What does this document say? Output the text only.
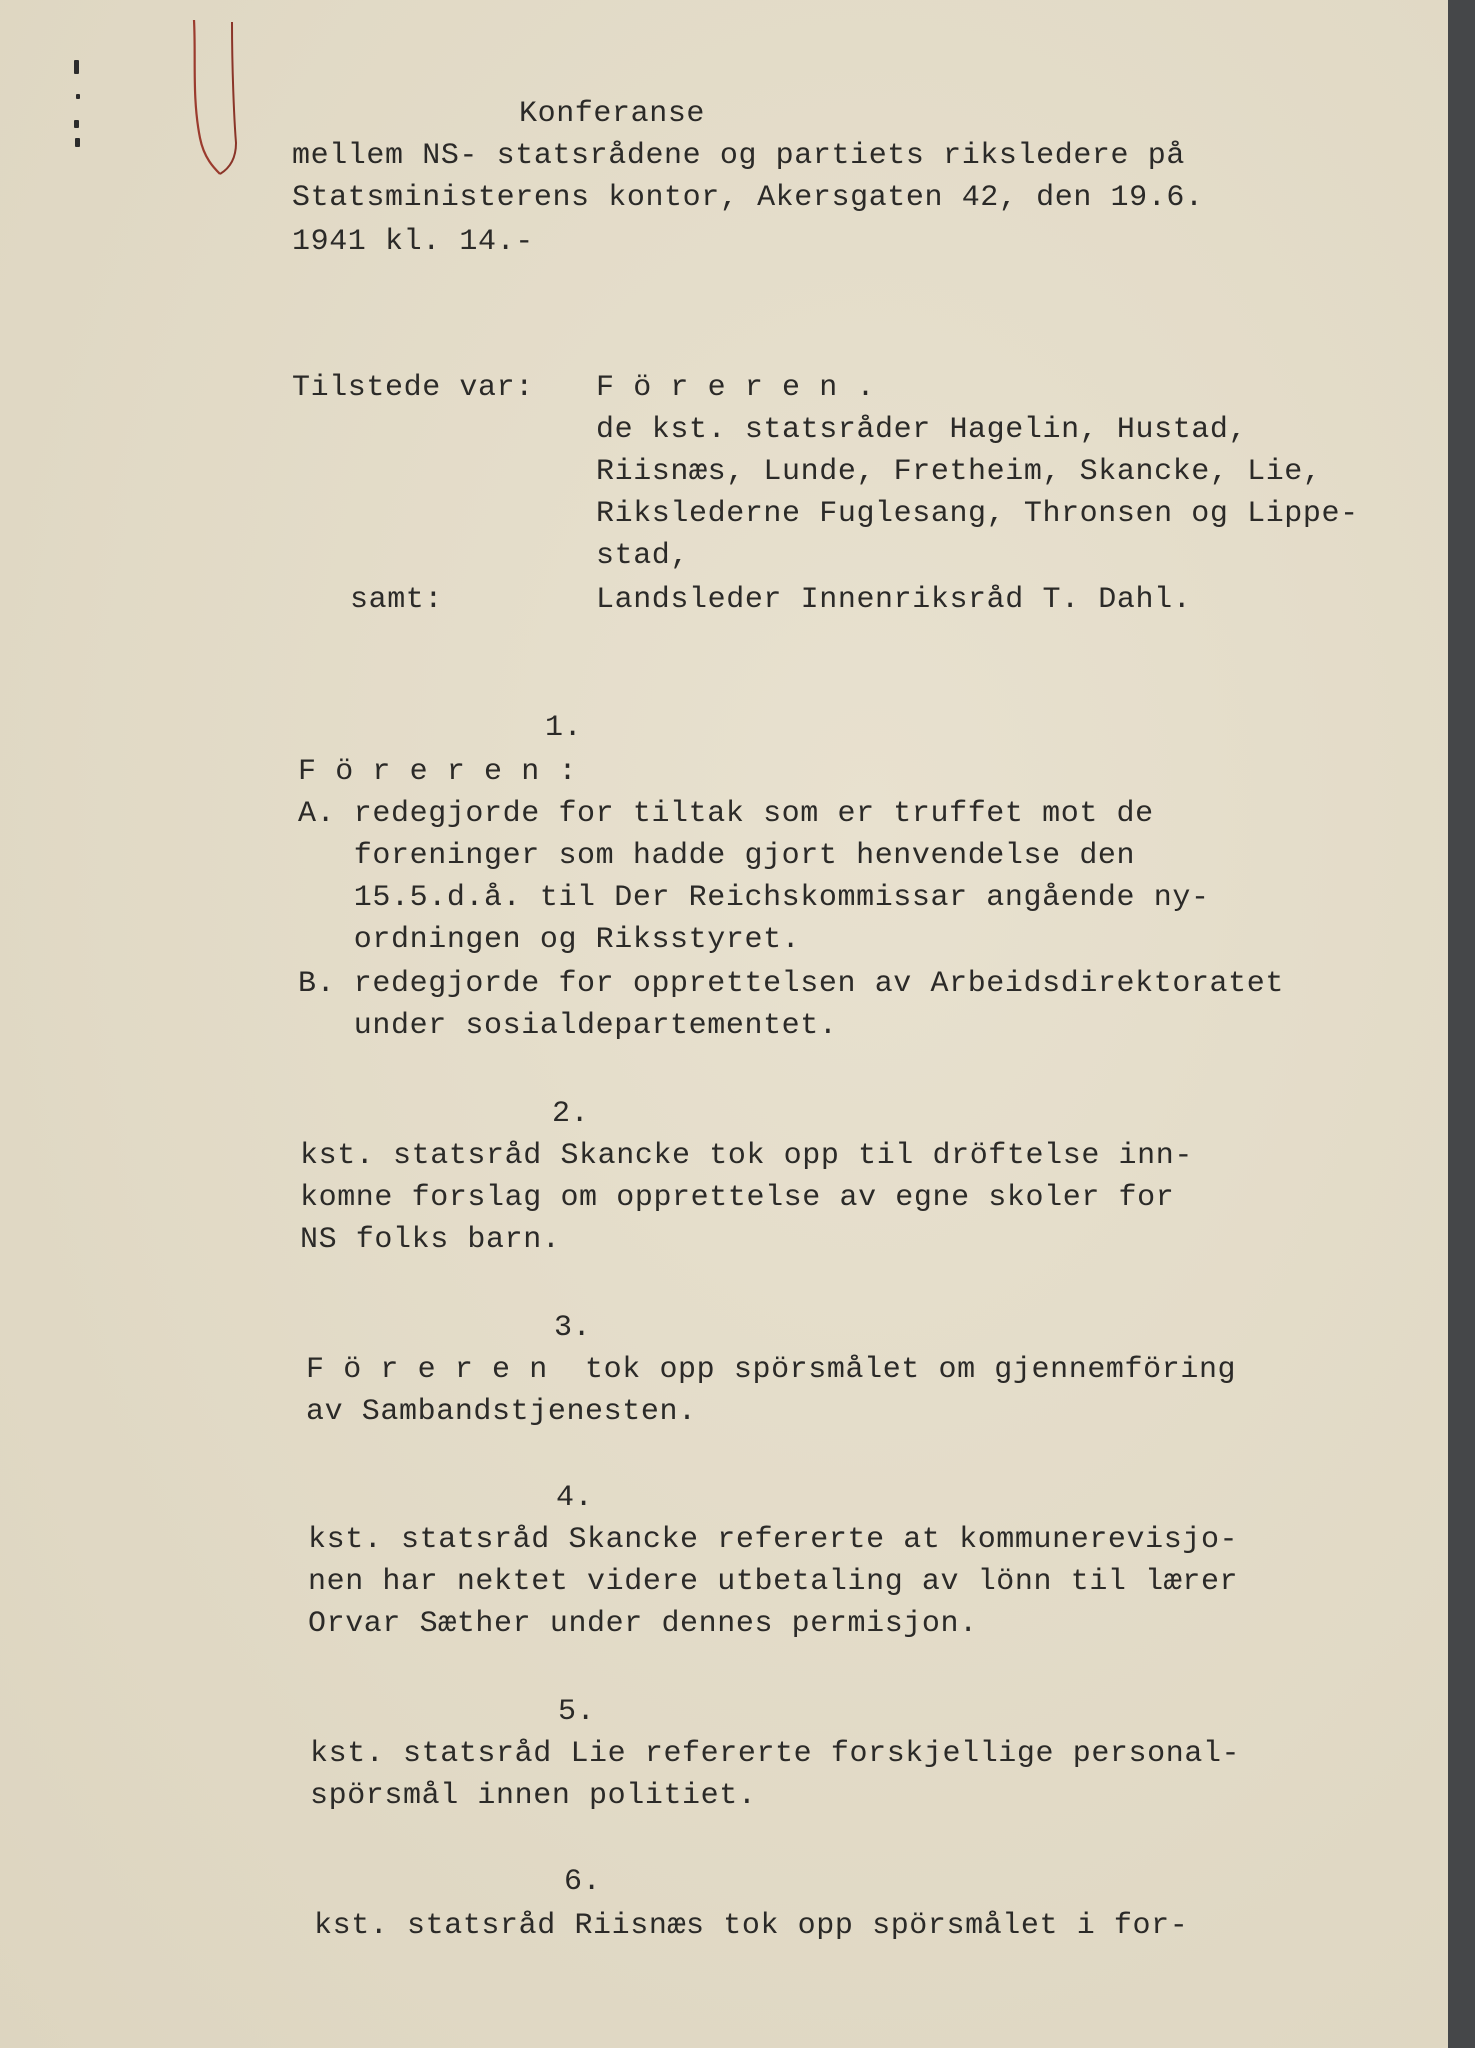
Konferanse

mellem NS- statsrådene og partiets riksledere på

Statsministerens kontor, Akersgaten 42, den 19.6.

1941 kl. 14.-

Tilstede var: F ö r e r e n .

de kst. statsråder Hagelin, Hustad,

Riisnæs, Lunde, Fretheim, Skancke, Lie,

Rikslederne Fuglesang, Thronsen og Lippe-

stad,

samt:	Landsleder Innenriksråd T. Dahl.

1.

F ö r e r e n :

A. redegjorde for tiltak som er truffet mot de

foreninger som hadde gjort henvendelse den

15.5.d.å. til Der Reichskommissar angående ny-

ordningen og Riksstyret.

B. redegjorde for opprettelsen av Arbeidsdirektoratet

under sosialdepartementet.

2.

kst. statsråd Skancke tok opp til dröftelse inn-

komne forslag om opprettelse av egne skoler for

NS folks barn.

3.

F ö r e r e n  tok opp spörsmålet om gjennemföring

av Sambandstjenesten.

4.

kst. statsråd Skancke refererte at kommunerevisjo-

nen har nektet videre utbetaling av lönn til lærer

Orvar Sæther under dennes permisjon.

5.

kst. statsråd Lie refererte forskjellige personal-

spörsmål innen politiet.

6.

kst. statsråd Riisnæs tok opp spörsmålet i for-
